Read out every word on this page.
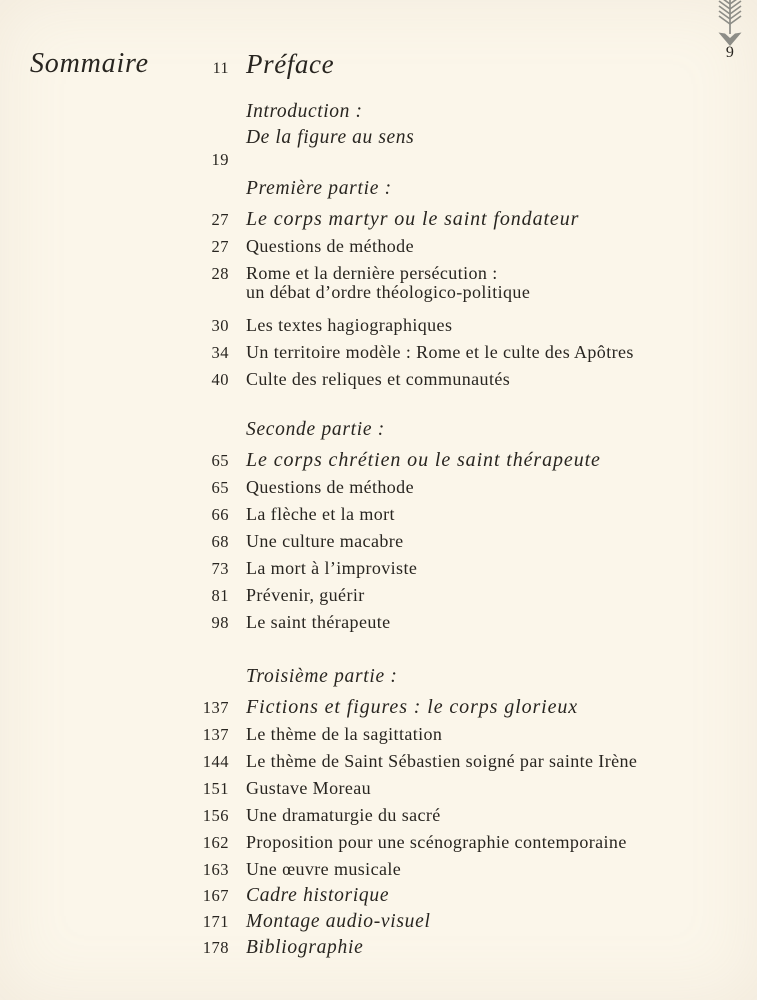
9
Sommaire	11 Préface
Introduction :
De la figure au sens
19
Première partie :
27 Le corps martyr ou le saint fondateur
27 Questions de méthode
28 Rome et la dernière persécution :
un débat d’ordre théologico-politique
30 Les textes hagiographiques
34 Un territoire modèle : Rome et le culte des Apôtres
40 Culte des reliques et communautés
Seconde partie :
65 Le corps chrétien ou le saint thérapeute
65 Questions de méthode
66 La flèche et la mort
68 Une culture macabre
73 La mort à l’improviste
81 Prévenir, guérir
98 Le saint thérapeute
Troisième partie :
137 Fictions et figures : le corps glorieux
137 Le thème de la sagittation
144 Le thème de Saint Sébastien soigné par sainte Irène
151 Gustave Moreau
156 Une dramaturgie du sacré
162 Proposition pour une scénographie contemporaine
163 Une œuvre musicale
167 Cadre historique
171 Montage audio-visuel
178 Bibliographie
